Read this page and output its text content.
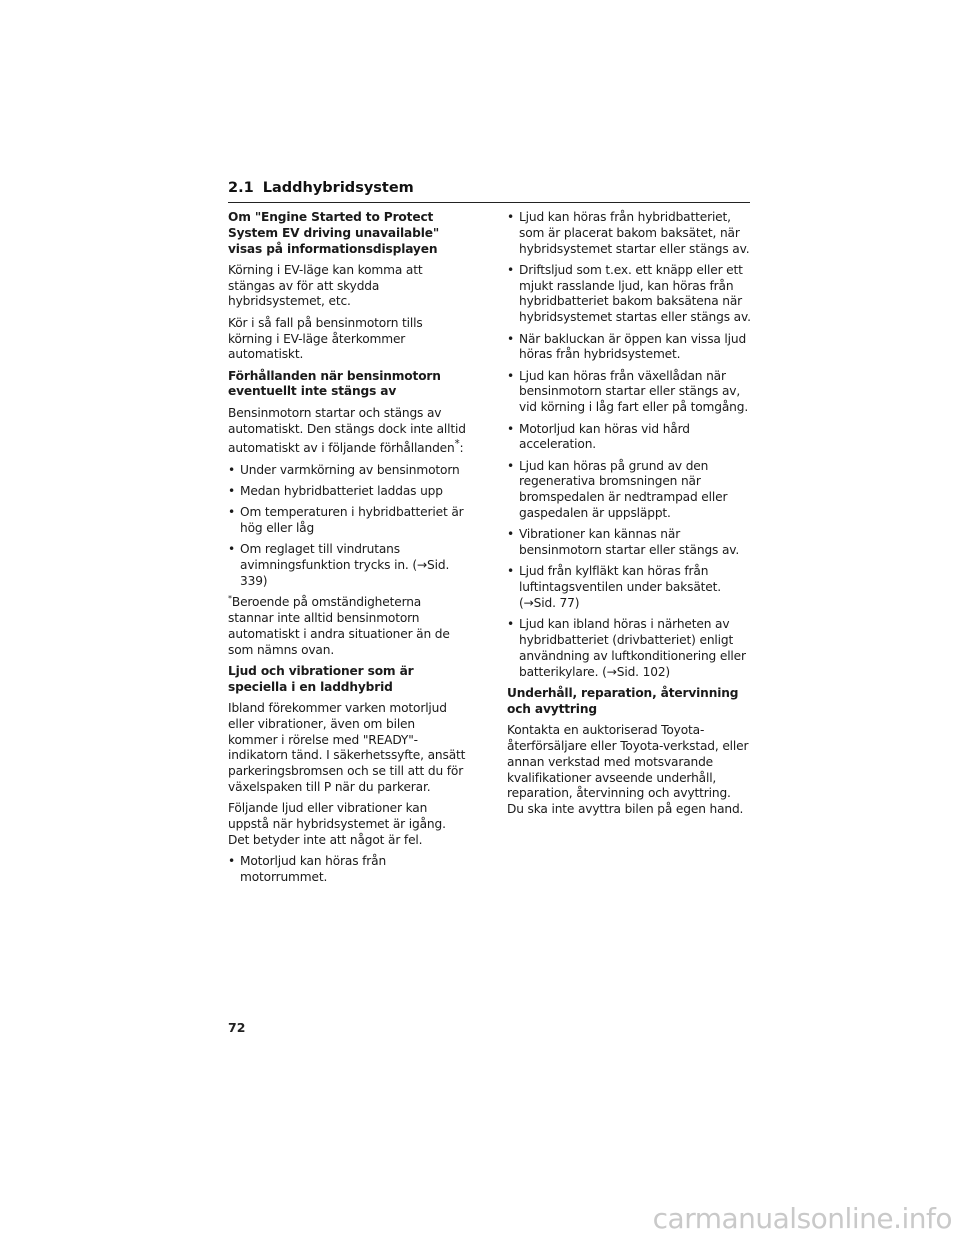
2.1 Laddhybridsystem

Om "Engine Started to Protect System EV driving unavailable" visas på informationsdisplayen

Körning i EV-läge kan komma att stängas av för att skydda hybridsystemet, etc.

Kör i så fall på bensinmotorn tills körning i EV-läge återkommer automatiskt.

Förhållanden när bensinmotorn eventuellt inte stängs av

Bensinmotorn startar och stängs av automatiskt. Den stängs dock inte alltid automatiskt av i följande förhållanden*:

• Under varmkörning av bensinmotorn
• Medan hybridbatteriet laddas upp
• Om temperaturen i hybridbatteriet är hög eller låg
• Om reglaget till vindrutans avimningsfunktion trycks in. (→Sid. 339)

*Beroende på omständigheterna stannar inte alltid bensinmotorn automatiskt i andra situationer än de som nämns ovan.

Ljud och vibrationer som är speciella i en laddhybrid

Ibland förekommer varken motorljud eller vibrationer, även om bilen kommer i rörelse med "READY"-indikatorn tänd. I säkerhetssyfte, ansätt parkeringsbromsen och se till att du för växelspaken till P när du parkerar.

Följande ljud eller vibrationer kan uppstå när hybridsystemet är igång. Det betyder inte att något är fel.

• Motorljud kan höras från motorrummet.
• Ljud kan höras från hybridbatteriet, som är placerat bakom baksätet, när hybridsystemet startar eller stängs av.
• Driftsljud som t.ex. ett knäpp eller ett mjukt rasslande ljud, kan höras från hybridbatteriet bakom baksätena när hybridsystemet startas eller stängs av.
• När bakluckan är öppen kan vissa ljud höras från hybridsystemet.
• Ljud kan höras från växellådan när bensinmotorn startar eller stängs av, vid körning i låg fart eller på tomgång.
• Motorljud kan höras vid hård acceleration.
• Ljud kan höras på grund av den regenerativa bromsningen när bromspedalen är nedtrampad eller gaspedalen är uppsläppt.
• Vibrationer kan kännas när bensinmotorn startar eller stängs av.
• Ljud från kylfläkt kan höras från luftintagsventilen under baksätet. (→Sid. 77)
• Ljud kan ibland höras i närheten av hybridbatteriet (drivbatteriet) enligt användning av luftkonditionering eller batterikylare. (→Sid. 102)

Underhåll, reparation, återvinning och avyttring

Kontakta en auktoriserad Toyota-återförsäljare eller Toyota-verkstad, eller annan verkstad med motsvarande kvalifikationer avseende underhåll, reparation, återvinning och avyttring. Du ska inte avyttra bilen på egen hand.

72
carmanualsonline.info
